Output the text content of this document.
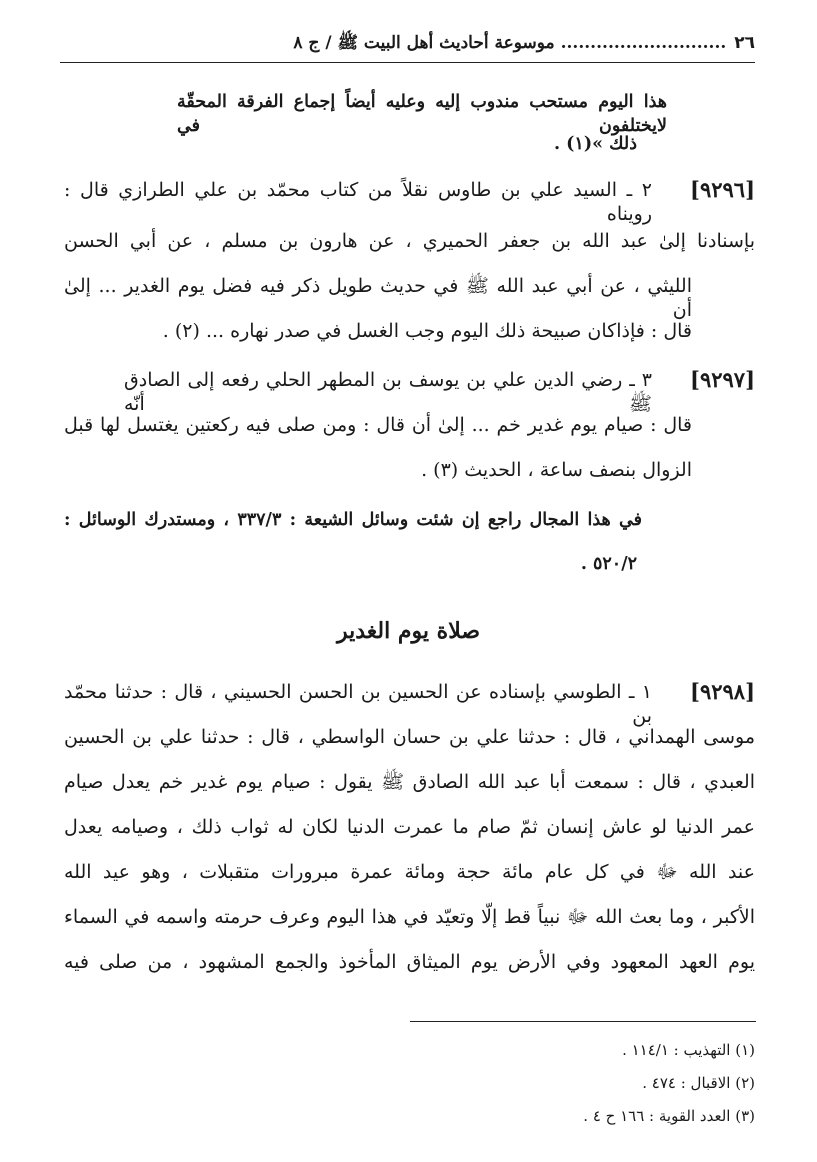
٢٦ ............................ موسوعة أحاديث أهل البيت ﷺ / ج ٨
هذا اليوم مستحب مندوب إليه وعليه أيضاً إجماع الفرقة المحقّة لايختلفون في
ذلك »(١) .
[٩٢٩٦]
٢ ـ السيد علي بن طاوس نقلاً من كتاب محمّد بن علي الطرازي قال : رويناه
بإسنادنا إلىٰ عبد الله بن جعفر الحميري ، عن هارون بن مسلم ، عن أبي الحسن
الليثي ، عن أبي عبد الله ﷺ في حديث طويل ذكر فيه فضل يوم الغدير ... إلىٰ أن
قال : فإذاكان صبيحة ذلك اليوم وجب الغسل في صدر نهاره ... (٢) .
[٩٢٩٧]
٣ ـ رضي الدين علي بن يوسف بن المطهر الحلي رفعه إلى الصادق ﷺ أنّه
قال : صيام يوم غدير خم ... إلىٰ أن قال : ومن صلى فيه ركعتين يغتسل لها قبل
الزوال بنصف ساعة ، الحديث (٣) .
في هذا المجال راجع إن شئت وسائل الشيعة : ٣٣٧/٣ ، ومستدرك الوسائل :
٥٢٠/٢ .
صلاة يوم الغدير
[٩٢٩٨]
١ ـ الطوسي بإسناده عن الحسين بن الحسن الحسيني ، قال : حدثنا محمّد بن
موسى الهمداني ، قال : حدثنا علي بن حسان الواسطي ، قال : حدثنا علي بن الحسين
العبدي ، قال : سمعت أبا عبد الله الصادق ﷺ يقول : صيام يوم غدير خم يعدل صيام
عمر الدنيا لو عاش إنسان ثمّ صام ما عمرت الدنيا لكان له ثواب ذلك ، وصيامه يعدل
عند الله ﷻ في كل عام مائة حجة ومائة عمرة مبرورات متقبلات ، وهو عيد الله
الأكبر ، وما بعث الله ﷻ نبياً قط إلّا وتعيّد في هذا اليوم وعرف حرمته واسمه في السماء
يوم العهد المعهود وفي الأرض يوم الميثاق المأخوذ والجمع المشهود ، من صلى فيه
(١) التهذيب : ١١٤/١ .
(٢) الاقبال : ٤٧٤ .
(٣) العدد القوية : ١٦٦ ح ٤ .
